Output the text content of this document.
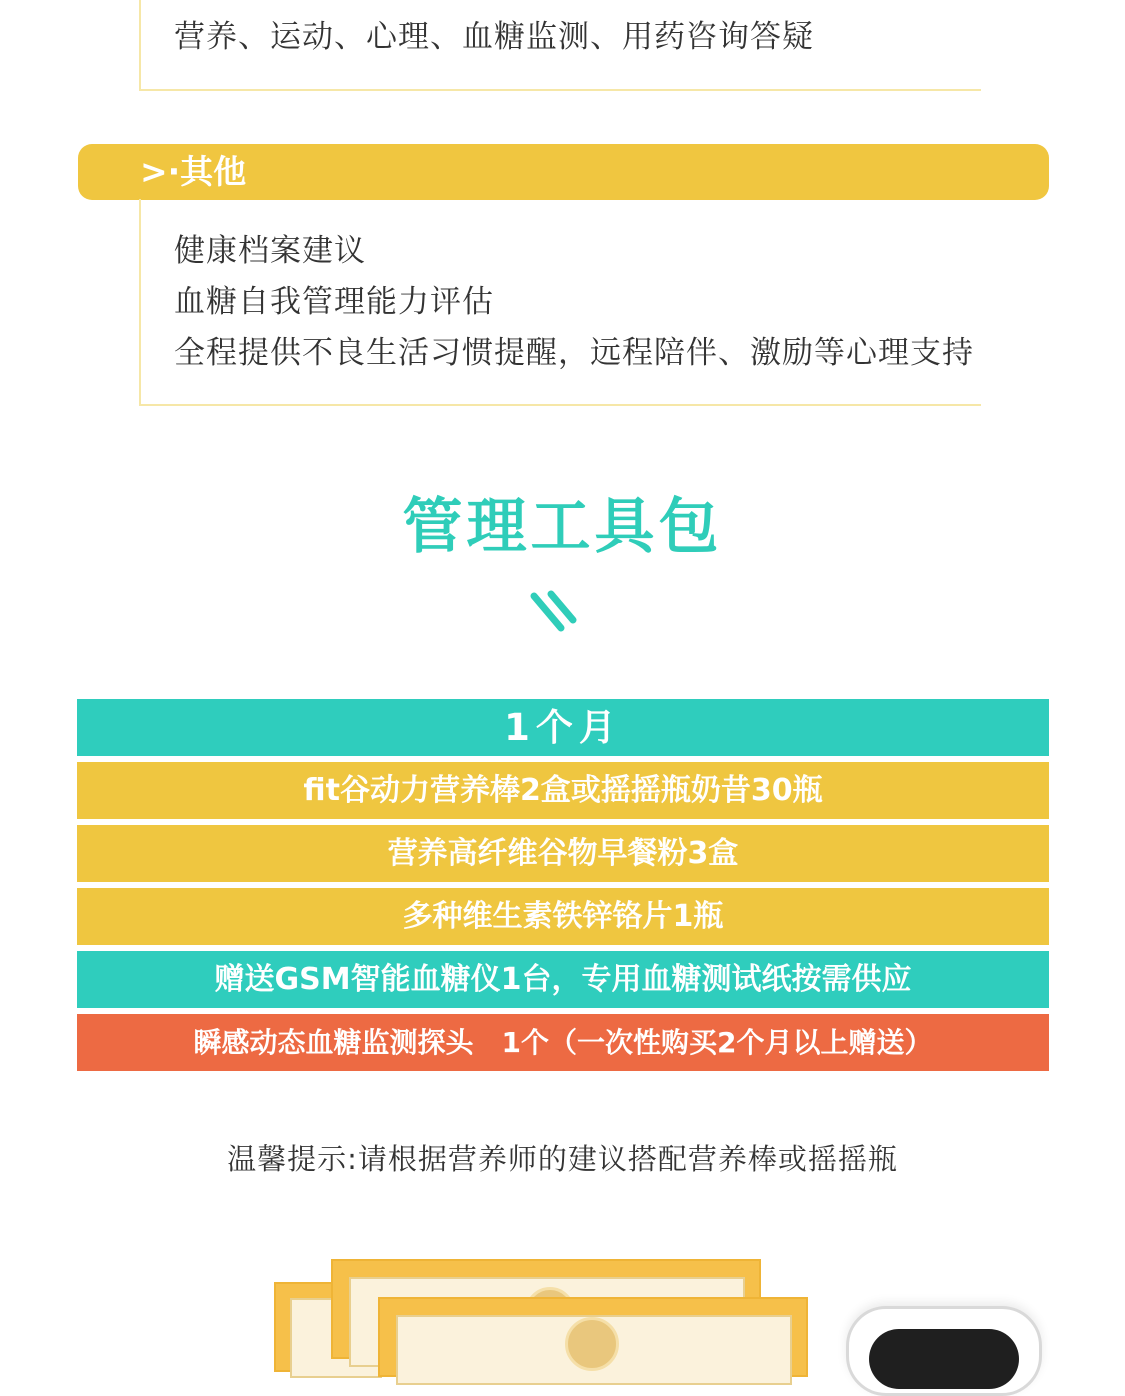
营养、运动、心理、血糖监测、用药咨询答疑
>·其他
健康档案建议
血糖自我管理能力评估
全程提供不良生活习惯提醒，远程陪伴、激励等心理支持
管理工具包
1个月
fit谷动力营养棒2盒或摇摇瓶奶昔30瓶
营养高纤维谷物早餐粉3盒
多种维生素铁锌铬片1瓶
赠送GSM智能血糖仪1台，专用血糖测试纸按需供应
瞬感动态血糖监测探头　1个（一次性购买2个月以上赠送）
温馨提示:请根据营养师的建议搭配营养棒或摇摇瓶
